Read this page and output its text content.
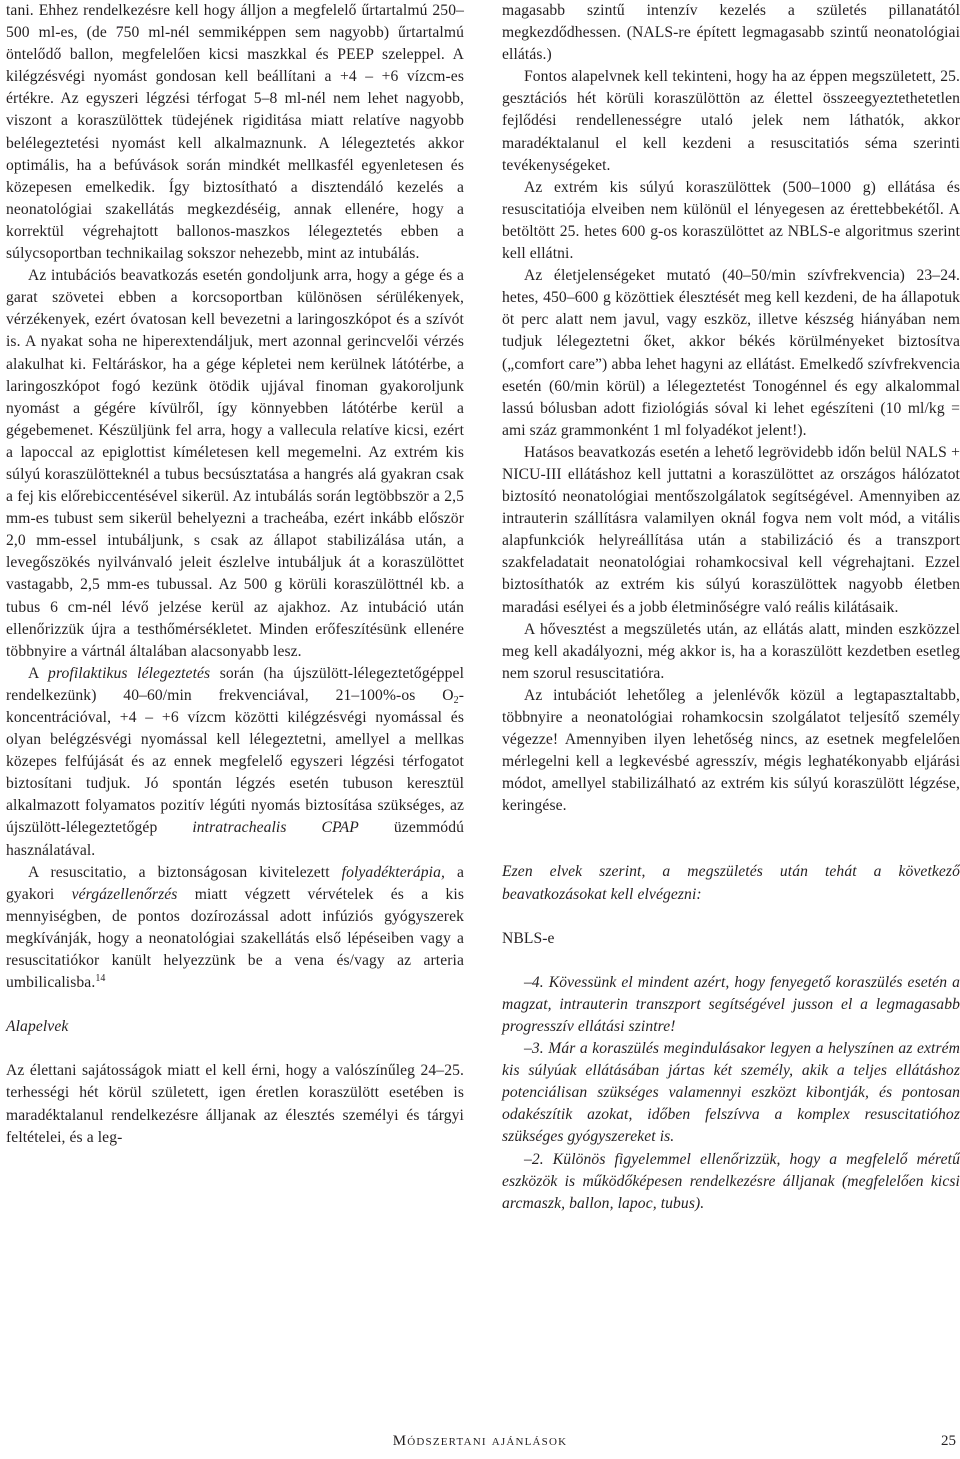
tani. Ehhez rendelkezésre kell hogy álljon a megfelelő űrtartalmú 250–500 ml-es, (de 750 ml-nél semmiképpen sem nagyobb) űrtartalmú öntelődő ballon, megfelelően kicsi maszkkal és PEEP szeleppel. A kilégzésvégi nyomást gondosan kell beállítani a +4 – +6 vízcm-es értékre. Az egyszeri légzési térfogat 5–8 ml-nél nem lehet nagyobb, viszont a koraszülöttek tüdejének rigiditása miatt relatíve nagyobb belélegeztetési nyomást kell alkalmaznunk. A lélegeztetés akkor optimális, ha a befúvások során mindkét mellkasfél egyenletesen és közepesen emelkedik. Így biztosítható a disztendáló kezelés a neonatológiai szakellátás megkezdéséig, annak ellenére, hogy a korrektül végrehajtott ballonos-maszkos lélegeztetés ebben a súlycsoportban technikailag sokszor nehezebb, mint az intubálás.

Az intubációs beavatkozás esetén gondoljunk arra, hogy a gége és a garat szövetei ebben a korcsoportban különösen sérülékenyek, vérzékenyek, ezért óvatosan kell bevezetni a laringoszkópot és a szívót is. A nyakat soha ne hiperextendáljuk, mert azonnal gerincvelői vérzés alakulhat ki. Feltáráskor, ha a gége képletei nem kerülnek látótérbe, a laringoszkópot fogó kezünk ötödik ujjával finoman gyakoroljunk nyomást a gégére kívülről, így könnyebben látótérbe kerül a gégebemenet. Készüljünk fel arra, hogy a vallecula relatíve kicsi, ezért a lapoccal az epiglottist kíméletesen kell megemelni. Az extrém kis súlyú koraszülötteknél a tubus becsúsztatása a hangrés alá gyakran csak a fej kis előrebiccentésével sikerül. Az intubálás során legtöbbször a 2,5 mm-es tubust sem sikerül behelyezni a tracheába, ezért inkább először 2,0 mm-essel intubáljunk, s csak az állapot stabilizálása után, a levegőszökés nyilvánvaló jeleit észlelve intubáljuk át a koraszülöttet vastagabb, 2,5 mm-es tubussal. Az 500 g körüli koraszülöttnél kb. a tubus 6 cm-nél lévő jelzése kerül az ajakhoz. Az intubáció után ellenőrizzük újra a testhőmérsékletet. Minden erőfeszítésünk ellenére többnyire a vártnál általában alacsonyabb lesz.

A profilaktikus lélegeztetés során (ha újszülött-lélegeztetőgéppel rendelkezünk) 40–60/min frekvenciával, 21–100%-os $O_2$-koncentrációval, +4 – +6 vízcm közötti kilégzésvégi nyomással és olyan belégzésvégi nyomással kell lélegeztetni, amellyel a mellkas közepes felfújását és az ennek megfelelő egyszeri légzési térfogatot biztosítani tudjuk. Jó spontán légzés esetén tubuson keresztül alkalmazott folyamatos pozitív légúti nyomás biztosítása szükséges, az újszülött-lélegeztetőgép intratrachealis CPAP üzemmódú használatával.

A resuscitatio, a biztonságosan kivitelezett folyadékterápia, a gyakori vérgázellenőrzés miatt végzett vérvételek és a kis mennyiségben, de pontos dozírozással adott infúziós gyógyszerek megkívánják, hogy a neonatológiai szakellátás első lépéseiben vagy a resuscitatiókor kanült helyezzünk be a vena és/vagy az arteria umbilicalisba.$^{14}$

Alapelvek

Az élettani sajátosságok miatt el kell érni, hogy a valószínűleg 24–25. terhességi hét körül született, igen éretlen koraszülött esetében is maradéktalanul rendelkezésre álljanak az élesztés személyi és tárgyi feltételei, és a leg-

magasabb szintű intenzív kezelés a születés pillanatától megkezdődhessen. (NALS-re épített legmagasabb szintű neonatológiai ellátás.)

Fontos alapelvnek kell tekinteni, hogy ha az éppen megszületett, 25. gesztációs hét körüli koraszülöttön az élettel összeegyeztethetetlen fejlődési rendellenességre utaló jelek nem láthatók, akkor maradéktalanul el kell kezdeni a resuscitatiós séma szerinti tevékenységeket.

Az extrém kis súlyú koraszülöttek (500–1000 g) ellátása és resuscitatiója elveiben nem különül el lényegesen az érettebbekétől. A betöltött 25. hetes 600 g-os koraszülöttet az NBLS-e algoritmus szerint kell ellátni.

Az életjelenségeket mutató (40–50/min szívfrekvencia) 23–24. hetes, 450–600 g közöttiek élesztését meg kell kezdeni, de ha állapotuk öt perc alatt nem javul, vagy eszköz, illetve készség hiányában nem tudjuk lélegeztetni őket, akkor békés körülményeket biztosítva („comfort care”) abba lehet hagyni az ellátást. Emelkedő szívfrekvencia esetén (60/min körül) a lélegeztetést Tonogénnel és egy alkalommal lassú bólusban adott fiziológiás sóval ki lehet egészíteni (10 ml/kg = ami száz grammonként 1 ml folyadékot jelent!).

Hatásos beavatkozás esetén a lehető legrövidebb időn belül NALS + NICU-III ellátáshoz kell juttatni a koraszülöttet az országos hálózatot biztosító neonatológiai mentőszolgálatok segítségével. Amennyiben az intrauterin szállításra valamilyen oknál fogva nem volt mód, a vitális alapfunkciók helyreállítása után a stabilizáció és a transzport szakfeladatait neonatológiai rohamkocsival kell végrehajtani. Ezzel biztosíthatók az extrém kis súlyú koraszülöttek nagyobb életben maradási esélyei és a jobb életminőségre való reális kilátásaik.

A hővesztést a megszületés után, az ellátás alatt, minden eszközzel meg kell akadályozni, még akkor is, ha a koraszülött kezdetben esetleg nem szorul resuscitatióra.

Az intubációt lehetőleg a jelenlévők közül a legtapasztaltabb, többnyire a neonatológiai rohamkocsin szolgálatot teljesítő személy végezze! Amennyiben ilyen lehetőség nincs, az esetnek megfelelően mérlegelni kell a legkevésbé agresszív, mégis leghatékonyabb eljárási módot, amellyel stabilizálható az extrém kis súlyú koraszülött légzése, keringése.

Ezen elvek szerint, a megszületés után tehát a következő beavatkozásokat kell elvégezni:

NBLS-e

–4. Kövessünk el mindent azért, hogy fenyegető koraszülés esetén a magzat, intrauterin transzport segítségével jusson el a legmagasabb progresszív ellátási szintre!

–3. Már a koraszülés megindulásakor legyen a helyszínen az extrém kis súlyúak ellátásában jártas két személy, akik a teljes ellátáshoz potenciálisan szükséges valamennyi eszközt kibontják, és pontosan odakészítik azokat, időben felszívva a komplex resuscitatióhoz szükséges gyógyszereket is.

–2. Különös figyelemmel ellenőrizzük, hogy a megfelelő méretű eszközök is működőképesen rendelkezésre álljanak (megfelelően kicsi arcmaszk, ballon, lapoc, tubus).

Módszertani ajánlások	25
